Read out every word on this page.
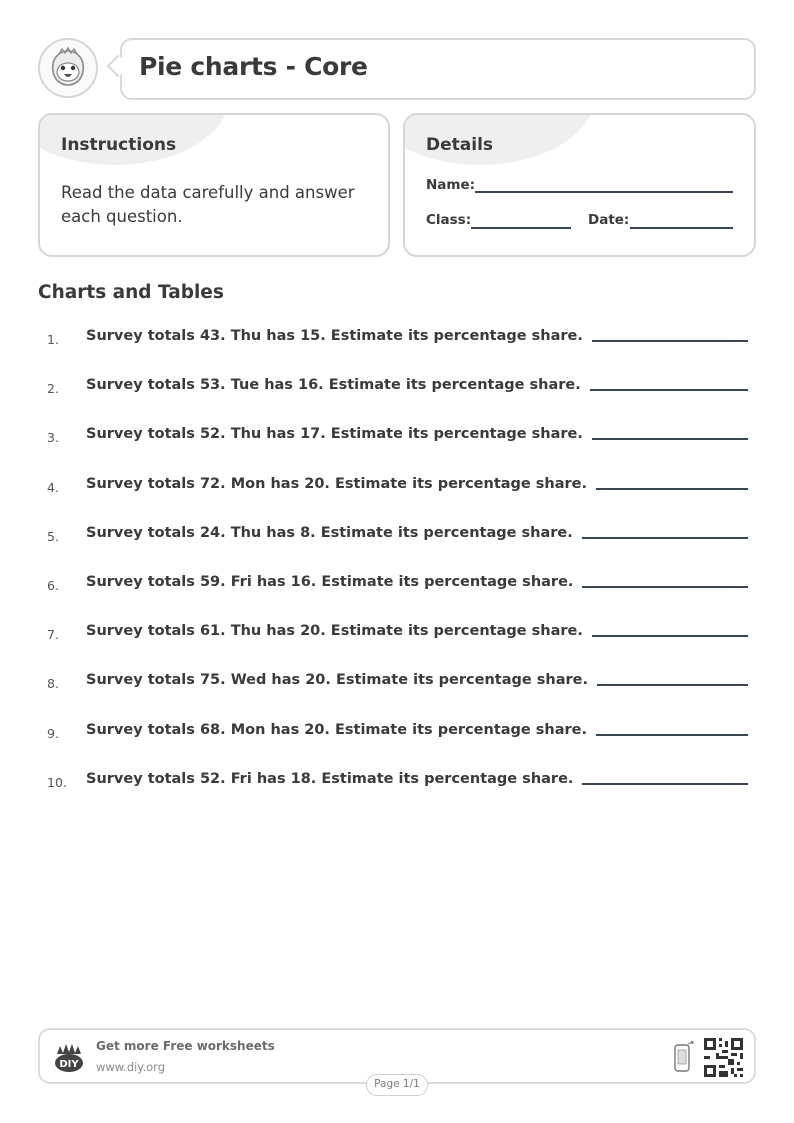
Pie charts - Core
Instructions
Read the data carefully and answer each question.
Details
Name:
Class:	Date:
Charts and Tables
1. Survey totals 43. Thu has 15. Estimate its percentage share.
2. Survey totals 53. Tue has 16. Estimate its percentage share.
3. Survey totals 52. Thu has 17. Estimate its percentage share.
4. Survey totals 72. Mon has 20. Estimate its percentage share.
5. Survey totals 24. Thu has 8. Estimate its percentage share.
6. Survey totals 59. Fri has 16. Estimate its percentage share.
7. Survey totals 61. Thu has 20. Estimate its percentage share.
8. Survey totals 75. Wed has 20. Estimate its percentage share.
9. Survey totals 68. Mon has 20. Estimate its percentage share.
10. Survey totals 52. Fri has 18. Estimate its percentage share.
DIY
Get more Free worksheets
www.diy.org
Page 1/1
